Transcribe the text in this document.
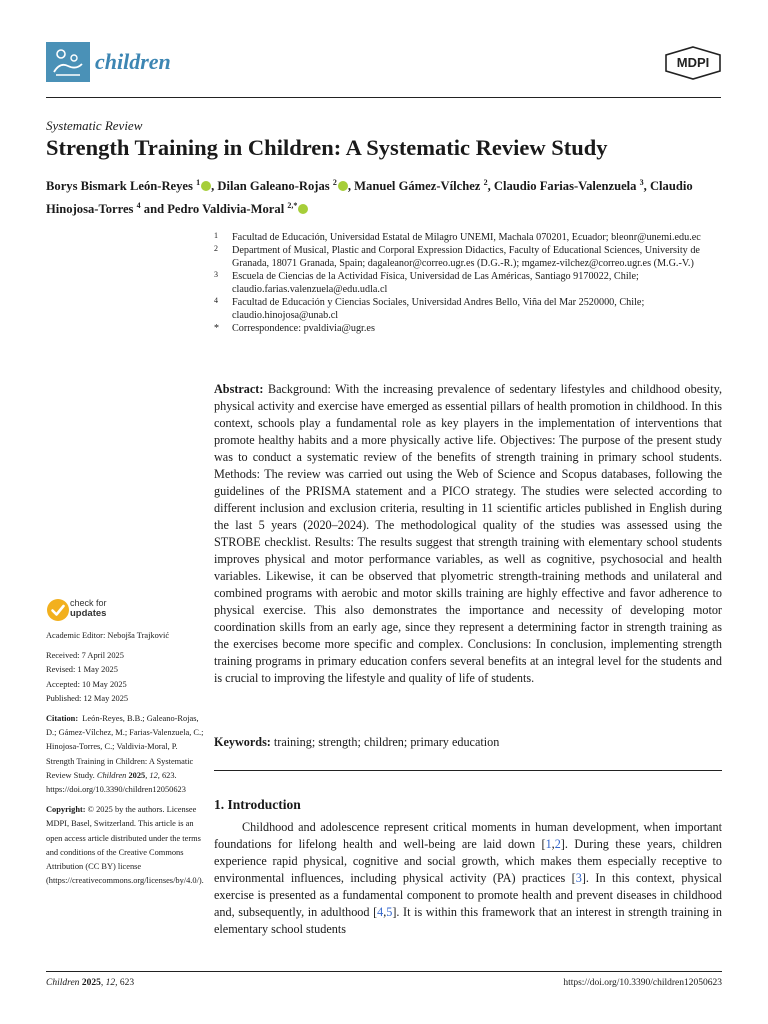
children	MDPI
Systematic Review
Strength Training in Children: A Systematic Review Study
Borys Bismark León-Reyes $^1$ , Dilan Galeano-Rojas $^2$ , Manuel Gámez-Vílchez $^2$, Claudio Farias-Valenzuela $^3$, Claudio Hinojosa-Torres $^4$ and Pedro Valdivia-Moral $^{2,*}$
1 Facultad de Educación, Universidad Estatal de Milagro UNEMI, Machala 070201, Ecuador; bleonr@unemi.edu.ec
2 Department of Musical, Plastic and Corporal Expression Didactics, Faculty of Educational Sciences, University de Granada, 18071 Granada, Spain; dagaleanor@correo.ugr.es (D.G.-R.); mgamez-vilchez@correo.ugr.es (M.G.-V.)
3 Escuela de Ciencias de la Actividad Física, Universidad de Las Américas, Santiago 9170022, Chile; claudio.farias.valenzuela@edu.udla.cl
4 Facultad de Educación y Ciencias Sociales, Universidad Andres Bello, Viña del Mar 2520000, Chile; claudio.hinojosa@unab.cl
* Correspondence: pvaldivia@ugr.es
check for
updates

Academic Editor: Nebojša Trajković

Received: 7 April 2025

Revised: 1 May 2025

Accepted: 10 May 2025

Published: 12 May 2025

Citation: León-Reyes, B.B.; Galeano-Rojas, D.; Gámez-Vílchez, M.; Farias-Valenzuela, C.; Hinojosa-Torres, C.; Valdivia-Moral, P. Strength Training in Children: A Systematic Review Study. Children 2025, 12, 623. https://doi.org/10.3390/children12050623

Copyright: © 2025 by the authors. Licensee MDPI, Basel, Switzerland. This article is an open access article distributed under the terms and conditions of the Creative Commons Attribution (CC BY) license (https://creativecommons.org/licenses/by/4.0/).

Abstract: Background: With the increasing prevalence of sedentary lifestyles and childhood obesity, physical activity and exercise have emerged as essential pillars of health promotion in childhood. In this context, schools play a fundamental role as key players in the implementation of interventions that promote healthy habits and a more physically active life. Objectives: The purpose of the present study was to conduct a systematic review of the benefits of strength training in primary school students. Methods: The review was carried out using the Web of Science and Scopus databases, following the guidelines of the PRISMA statement and a PICO strategy. The studies were selected according to different inclusion and exclusion criteria, resulting in 11 scientific articles published in English during the last 5 years (2020–2024). The methodological quality of the studies was assessed using the STROBE checklist. Results: The results suggest that strength training with elementary school students improves physical and motor performance variables, as well as cognitive, psychosocial and health variables. Likewise, it can be observed that plyometric strength-training methods and unilateral and combined programs with aerobic and motor skills training are highly effective and favor adherence to physical exercise. This also demonstrates the importance and necessity of developing motor coordination skills from an early age, since they represent a determining factor in strength training as the exercises become more specific and complex. Conclusions: In conclusion, implementing strength training programs in primary education confers several benefits at an integral level for the students and is crucial to improving the lifestyle and quality of life of students.
Keywords: training; strength; children; primary education
1. Introduction
Childhood and adolescence represent critical moments in human development, when important foundations for lifelong health and well-being are laid down [1,2]. During these years, children experience rapid physical, cognitive and social growth, which makes them especially receptive to environmental influences, including physical activity (PA) practices [3]. In this context, physical exercise is presented as a fundamental component to promote health and prevent diseases in childhood and, subsequently, in adulthood [4,5]. It is within this framework that an interest in strength training in elementary school students
Children 2025, 12, 623	https://doi.org/10.3390/children12050623
